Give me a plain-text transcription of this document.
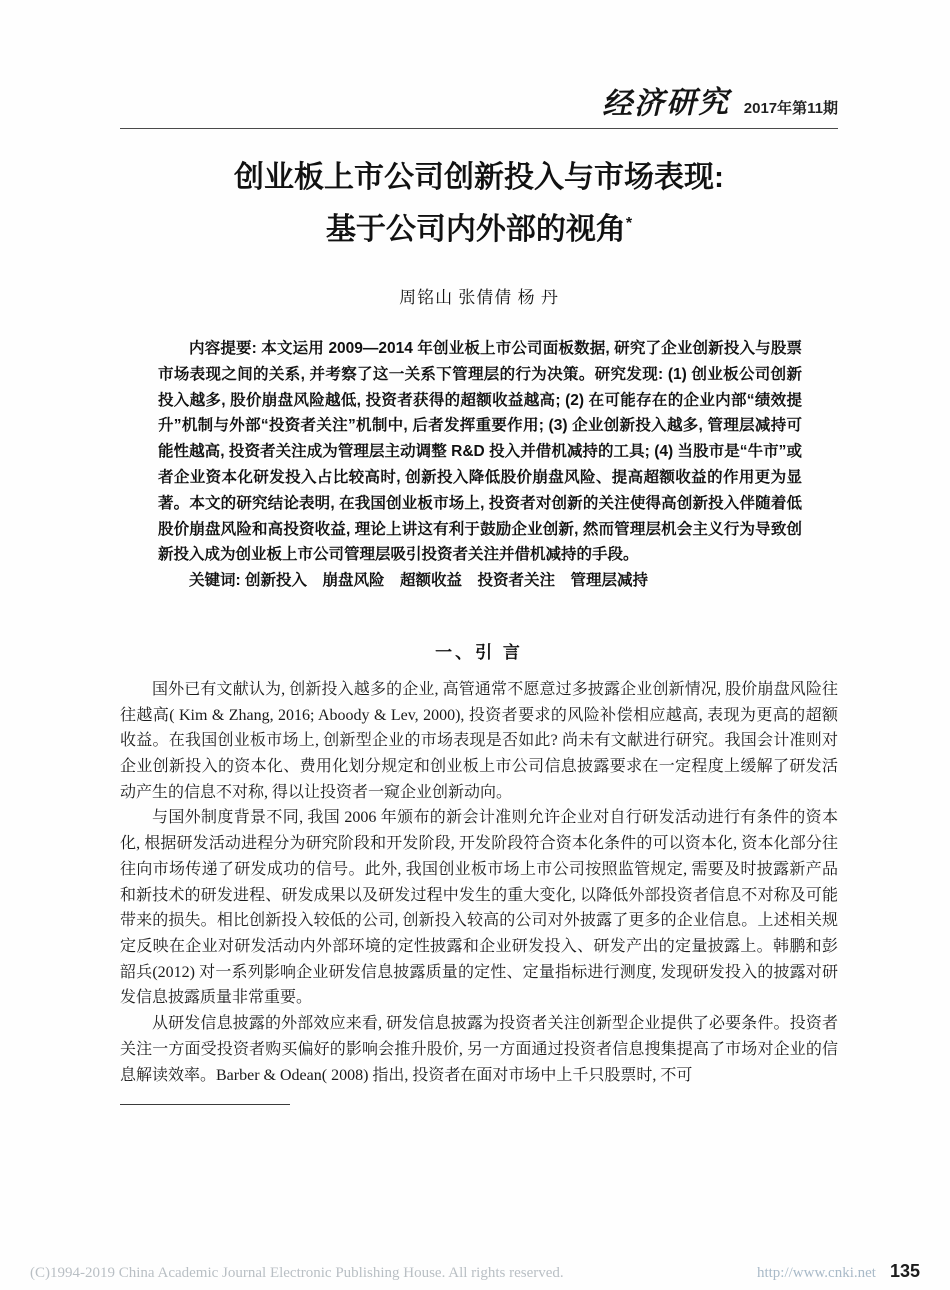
经济研究 2017年第11期
创业板上市公司创新投入与市场表现:
基于公司内外部的视角*
周铭山 张倩倩 杨 丹

内容提要: 本文运用 2009—2014 年创业板上市公司面板数据, 研究了企业创新投入与股票市场表现之间的关系, 并考察了这一关系下管理层的行为决策。研究发现: (1) 创业板公司创新投入越多, 股价崩盘风险越低, 投资者获得的超额收益越高; (2) 在可能存在的企业内部“绩效提升”机制与外部“投资者关注”机制中, 后者发挥重要作用; (3) 企业创新投入越多, 管理层减持可能性越高, 投资者关注成为管理层主动调整 R&D 投入并借机减持的工具; (4) 当股市是“牛市”或者企业资本化研发投入占比较高时, 创新投入降低股价崩盘风险、提高超额收益的作用更为显著。本文的研究结论表明, 在我国创业板市场上, 投资者对创新的关注使得高创新投入伴随着低股价崩盘风险和高投资收益, 理论上讲这有利于鼓励企业创新, 然而管理层机会主义行为导致创新投入成为创业板上市公司管理层吸引投资者关注并借机减持的手段。

关键词: 创新投入　崩盘风险　超额收益　投资者关注　管理层减持

一、引 言

国外已有文献认为, 创新投入越多的企业, 高管通常不愿意过多披露企业创新情况, 股价崩盘风险往往越高( Kim & Zhang, 2016; Aboody & Lev, 2000), 投资者要求的风险补偿相应越高, 表现为更高的超额收益。在我国创业板市场上, 创新型企业的市场表现是否如此? 尚未有文献进行研究。我国会计准则对企业创新投入的资本化、费用化划分规定和创业板上市公司信息披露要求在一定程度上缓解了研发活动产生的信息不对称, 得以让投资者一窥企业创新动向。

与国外制度背景不同, 我国 2006 年颁布的新会计准则允许企业对自行研发活动进行有条件的资本化, 根据研发活动进程分为研究阶段和开发阶段, 开发阶段符合资本化条件的可以资本化, 资本化部分往往向市场传递了研发成功的信号。此外, 我国创业板市场上市公司按照监管规定, 需要及时披露新产品和新技术的研发进程、研发成果以及研发过程中发生的重大变化, 以降低外部投资者信息不对称及可能带来的损失。相比创新投入较低的公司, 创新投入较高的公司对外披露了更多的企业信息。上述相关规定反映在企业对研发活动内外部环境的定性披露和企业研发投入、研发产出的定量披露上。韩鹏和彭韶兵(2012) 对一系列影响企业研发信息披露质量的定性、定量指标进行测度, 发现研发投入的披露对研发信息披露质量非常重要。

从研发信息披露的外部效应来看, 研发信息披露为投资者关注创新型企业提供了必要条件。投资者关注一方面受投资者购买偏好的影响会推升股价, 另一方面通过投资者信息搜集提高了市场对企业的信息解读效率。Barber & Odean( 2008) 指出, 投资者在面对市场中上千只股票时, 不可

(C)1994-2019 China Academic Journal Electronic Publishing House. All rights reserved.	http://www.cnki.net 135
